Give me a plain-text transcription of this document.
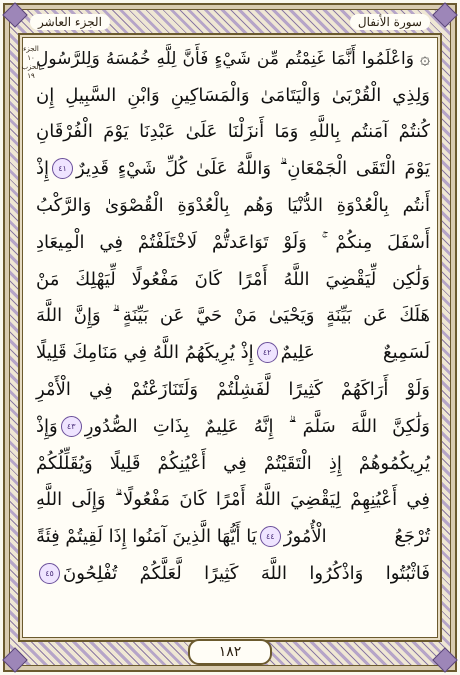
الجزء العاشر	سورة الأنفال
الجزء ١٠
الحزب ١٩
۞ وَاعْلَمُوا أَنَّمَا غَنِمْتُم مِّن شَيْءٍ فَأَنَّ لِلَّهِ خُمُسَهُ وَلِلرَّسُولِ
وَلِذِي الْقُرْبَىٰ وَالْيَتَامَىٰ وَالْمَسَاكِينِ وَابْنِ السَّبِيلِ إِن
كُنتُمْ آمَنتُم بِاللَّهِ وَمَا أَنزَلْنَا عَلَىٰ عَبْدِنَا يَوْمَ الْفُرْقَانِ
يَوْمَ الْتَقَى الْجَمْعَانِ ۗ وَاللَّهُ عَلَىٰ كُلِّ شَيْءٍ قَدِيرٌ
٤١
إِذْ
أَنتُم بِالْعُدْوَةِ الدُّنْيَا وَهُم بِالْعُدْوَةِ الْقُصْوَىٰ وَالرَّكْبُ
أَسْفَلَ مِنكُمْ ۚ وَلَوْ تَوَاعَدتُّمْ لَاخْتَلَفْتُمْ فِي الْمِيعَادِ
وَلَٰكِن لِّيَقْضِيَ اللَّهُ أَمْرًا كَانَ مَفْعُولًا لِّيَهْلِكَ مَنْ
هَلَكَ عَن بَيِّنَةٍ وَيَحْيَىٰ مَنْ حَيَّ عَن بَيِّنَةٍ ۗ وَإِنَّ اللَّهَ
لَسَمِيعٌ عَلِيمٌ
٤٢
إِذْ يُرِيكَهُمُ اللَّهُ فِي مَنَامِكَ قَلِيلًا
وَلَوْ أَرَاكَهُمْ كَثِيرًا لَّفَشِلْتُمْ وَلَتَنَازَعْتُمْ فِي الْأَمْرِ
وَلَٰكِنَّ اللَّهَ سَلَّمَ ۗ إِنَّهُ عَلِيمٌ بِذَاتِ الصُّدُورِ
٤٣
وَإِذْ
يُرِيكُمُوهُمْ إِذِ الْتَقَيْتُمْ فِي أَعْيُنِكُمْ قَلِيلًا وَيُقَلِّلُكُمْ
فِي أَعْيُنِهِمْ لِيَقْضِيَ اللَّهُ أَمْرًا كَانَ مَفْعُولًا ۗ وَإِلَى اللَّهِ
تُرْجَعُ الْأُمُورُ
٤٤
يَا أَيُّهَا الَّذِينَ آمَنُوا إِذَا لَقِيتُمْ فِئَةً
فَاثْبُتُوا وَاذْكُرُوا اللَّهَ كَثِيرًا لَّعَلَّكُمْ تُفْلِحُونَ
٤٥
١٨٢
